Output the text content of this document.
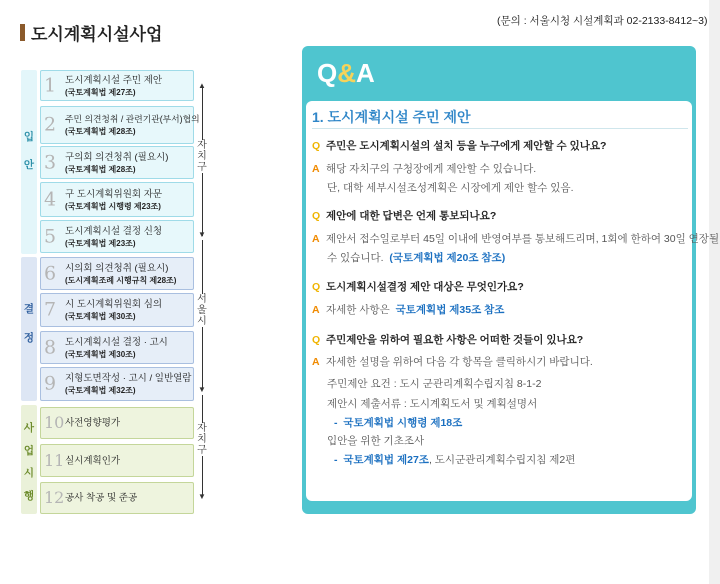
도시계획시설사업
(문의 : 서울시청 시설계획과 02-2133-8412~3)
입
안
결
정
사
업
시
행
1 도시계획시설 주민 제안
(국토계획법 제27조)
2 주민 의견청취 / 관련기관(부서)협의
(국토계획법 제28조)
3 구의회 의견청취 (필요시)
(국토계획법 제28조)
4 구 도시계획위원회 자문
(국토계획법 시행령 제23조)
5 도시계획시설 결정 신청
(국토계획법 제23조)
6 시의회 의견청취 (필요시)
(도시계획조례 시행규칙 제28조)
7 시 도시계획위원회 심의
(국토계획법 제30조)
8 도시계획시설 결정 · 고시
(국토계획법 제30조)
9 지형도면작성 · 고시 / 일반열람
(국토계획법 제32조)
10 사전영향평가
11 실시계획인가
12 공사 착공 및 준공
▲
▼
자
치
구
▼
서
울
시
▼
자
치
구
Q&A
1. 도시계획시설 주민 제안
Q 주민은 도시계획시설의 설치 등을 누구에게 제안할 수 있나요?
A 해당 자치구의 구청장에게 제안할 수 있습니다.
단, 대학 세부시설조성계획은 시장에게 제안 할수 있음.
Q 제안에 대한 답변은 언제 통보되나요?
A 제안서 접수일로부터 45일 이내에 반영여부를 통보해드리며, 1회에 한하여 30일 연장될
수 있습니다. (국토계획법 제20조 참조)
Q 도시계획시설결정 제안 대상은 무엇인가요?
A 자세한 사항은 국토계획법 제35조 참조
Q 주민제안을 위하여 필요한 사항은 어떠한 것들이 있나요?
A 자세한 설명을 위하여 다음 각 항목을 클릭하시기 바랍니다.
주민제안 요건 : 도시 군관리계획수립지침 8-1-2
제안시 제출서류 : 도시계획도서 및 계획설명서
- 국토계획법 시행령 제18조
입안을 위한 기초조사
- 국토계획법 제27조, 도시군관리계획수립지침 제2편
